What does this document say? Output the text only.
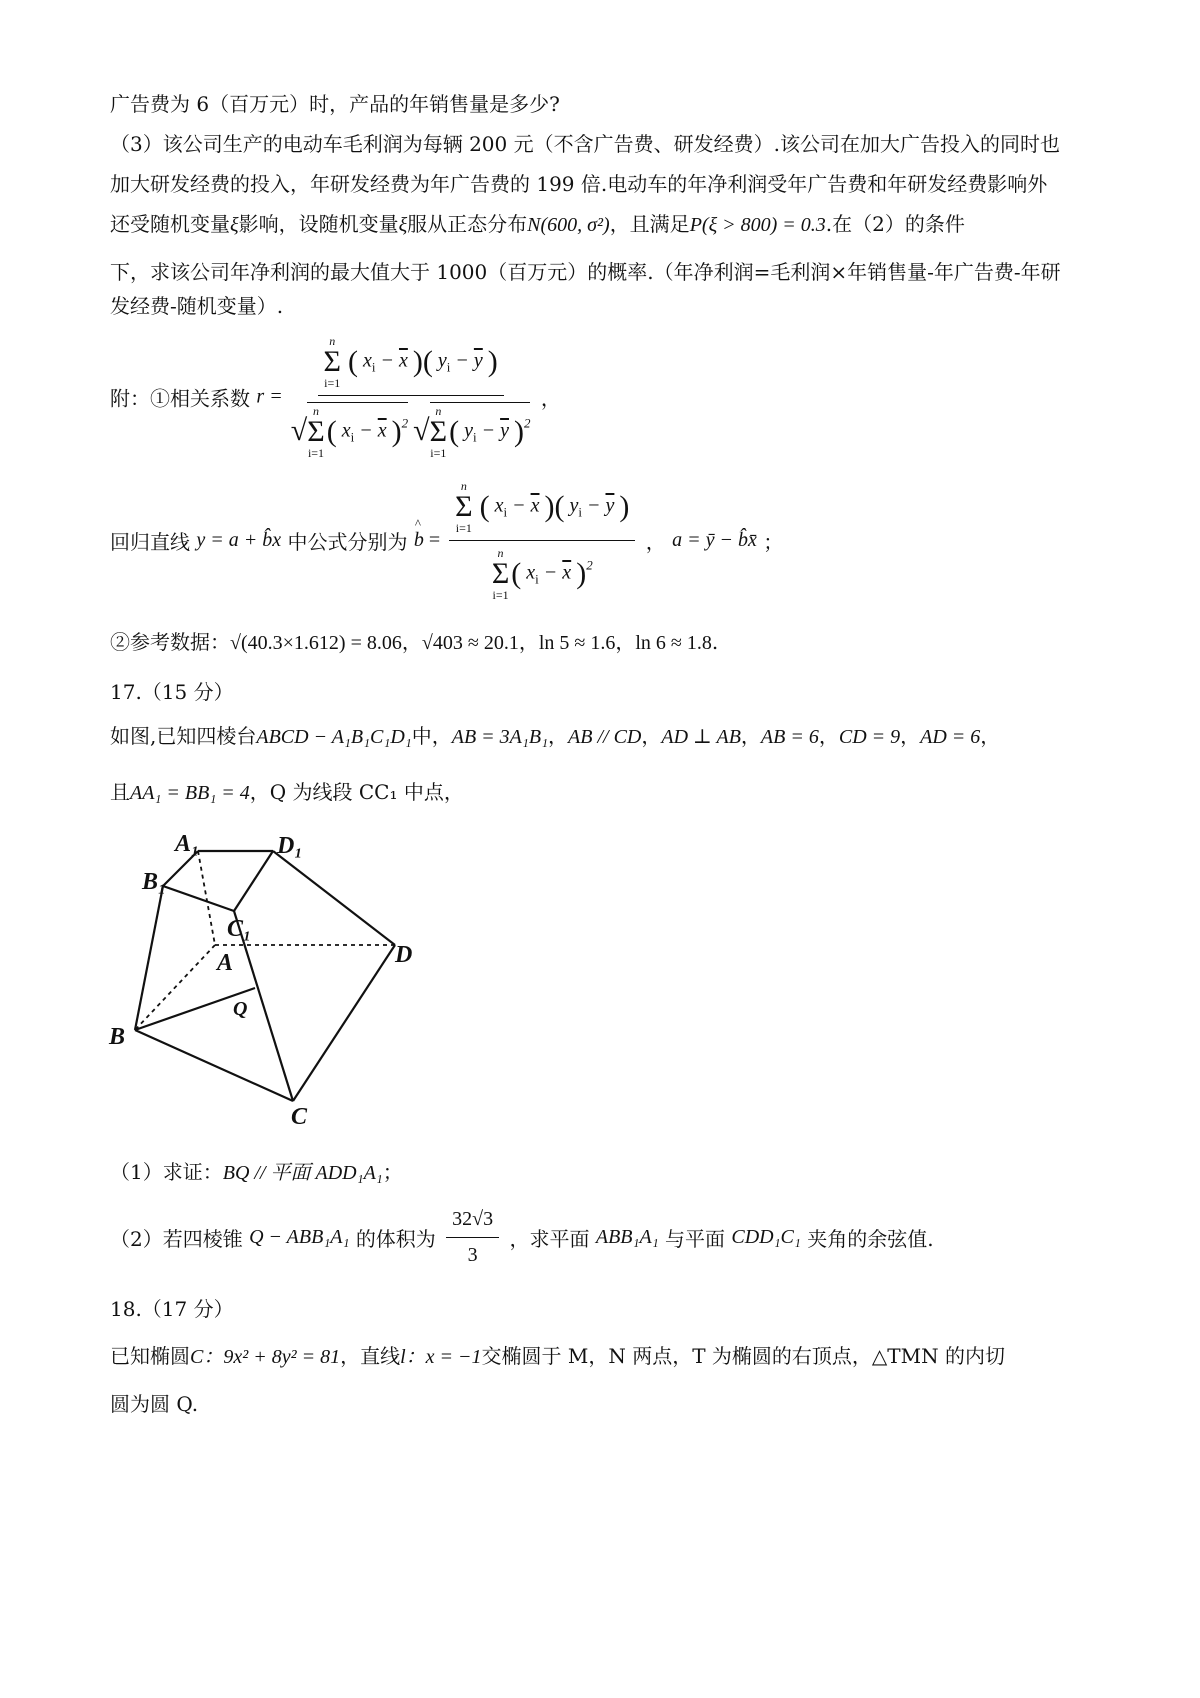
广告费为 6（百万元）时，产品的年销售量是多少?
（3）该公司生产的电动车毛利润为每辆 200 元（不含广告费、研发经费）.该公司在加大广告投入的同时也
加大研发经费的投入，年研发经费为年广告费的 199 倍.电动车的年净利润受年广告费和年研发经费影响外
还受随机变量ξ影响，设随机变量ξ服从正态分布N(600, σ²)，且满足P(ξ > 800) = 0.3.在（2）的条件
下，求该公司年净利润的最大值大于 1000（百万元）的概率.（年净利润=毛利润×年销售量-年广告费-年研
发经费-随机变量）.
附：①相关系数 r = n
Σ
i=1
( $x_i - \overline{x}$ )( $y_i - \overline{y}$ )
√
n
Σ
i=1
( $x_i - \overline{x}$ )$^2$
√
n
Σ
i=1
( $y_i - \overline{y}$ )$^2$ ，
回归直线 y = a + b̂x 中公式分别为 ^ b = n
Σ
i=1
( $x_i - \overline{x}$ )( $y_i - \overline{y}$ )
n
Σ
i=1
( $x_i - \overline{x}$ )$^2$ ， a = ȳ − b̂x̄ ；
②参考数据：√(40.3×1.612) = 8.06，√403 ≈ 20.1，ln 5 ≈ 1.6，ln 6 ≈ 1.8.
17.（15 分）
如图,已知四棱台ABCD − A₁B₁C₁D₁中，AB = 3A₁B₁，AB // CD，AD ⊥ AB，AB = 6，CD = 9，AD = 6，
且AA₁ = BB₁ = 4，Q 为线段 CC₁ 中点，
A₁	D₁
B₁
C₁
A	D
Q
B
C
（1）求证：BQ // 平面 ADD₁A₁；
（2）若四棱锥 Q − ABB₁A₁ 的体积为 $\frac{32√3}{3}$ ，求平面 ABB₁A₁ 与平面 CDD₁C₁ 夹角的余弦值.
18.（17 分）
已知椭圆C：9x² + 8y² = 81，直线l：x = −1交椭圆于 M，N 两点，T 为椭圆的右顶点，△TMN 的内切
圆为圆 Q.
